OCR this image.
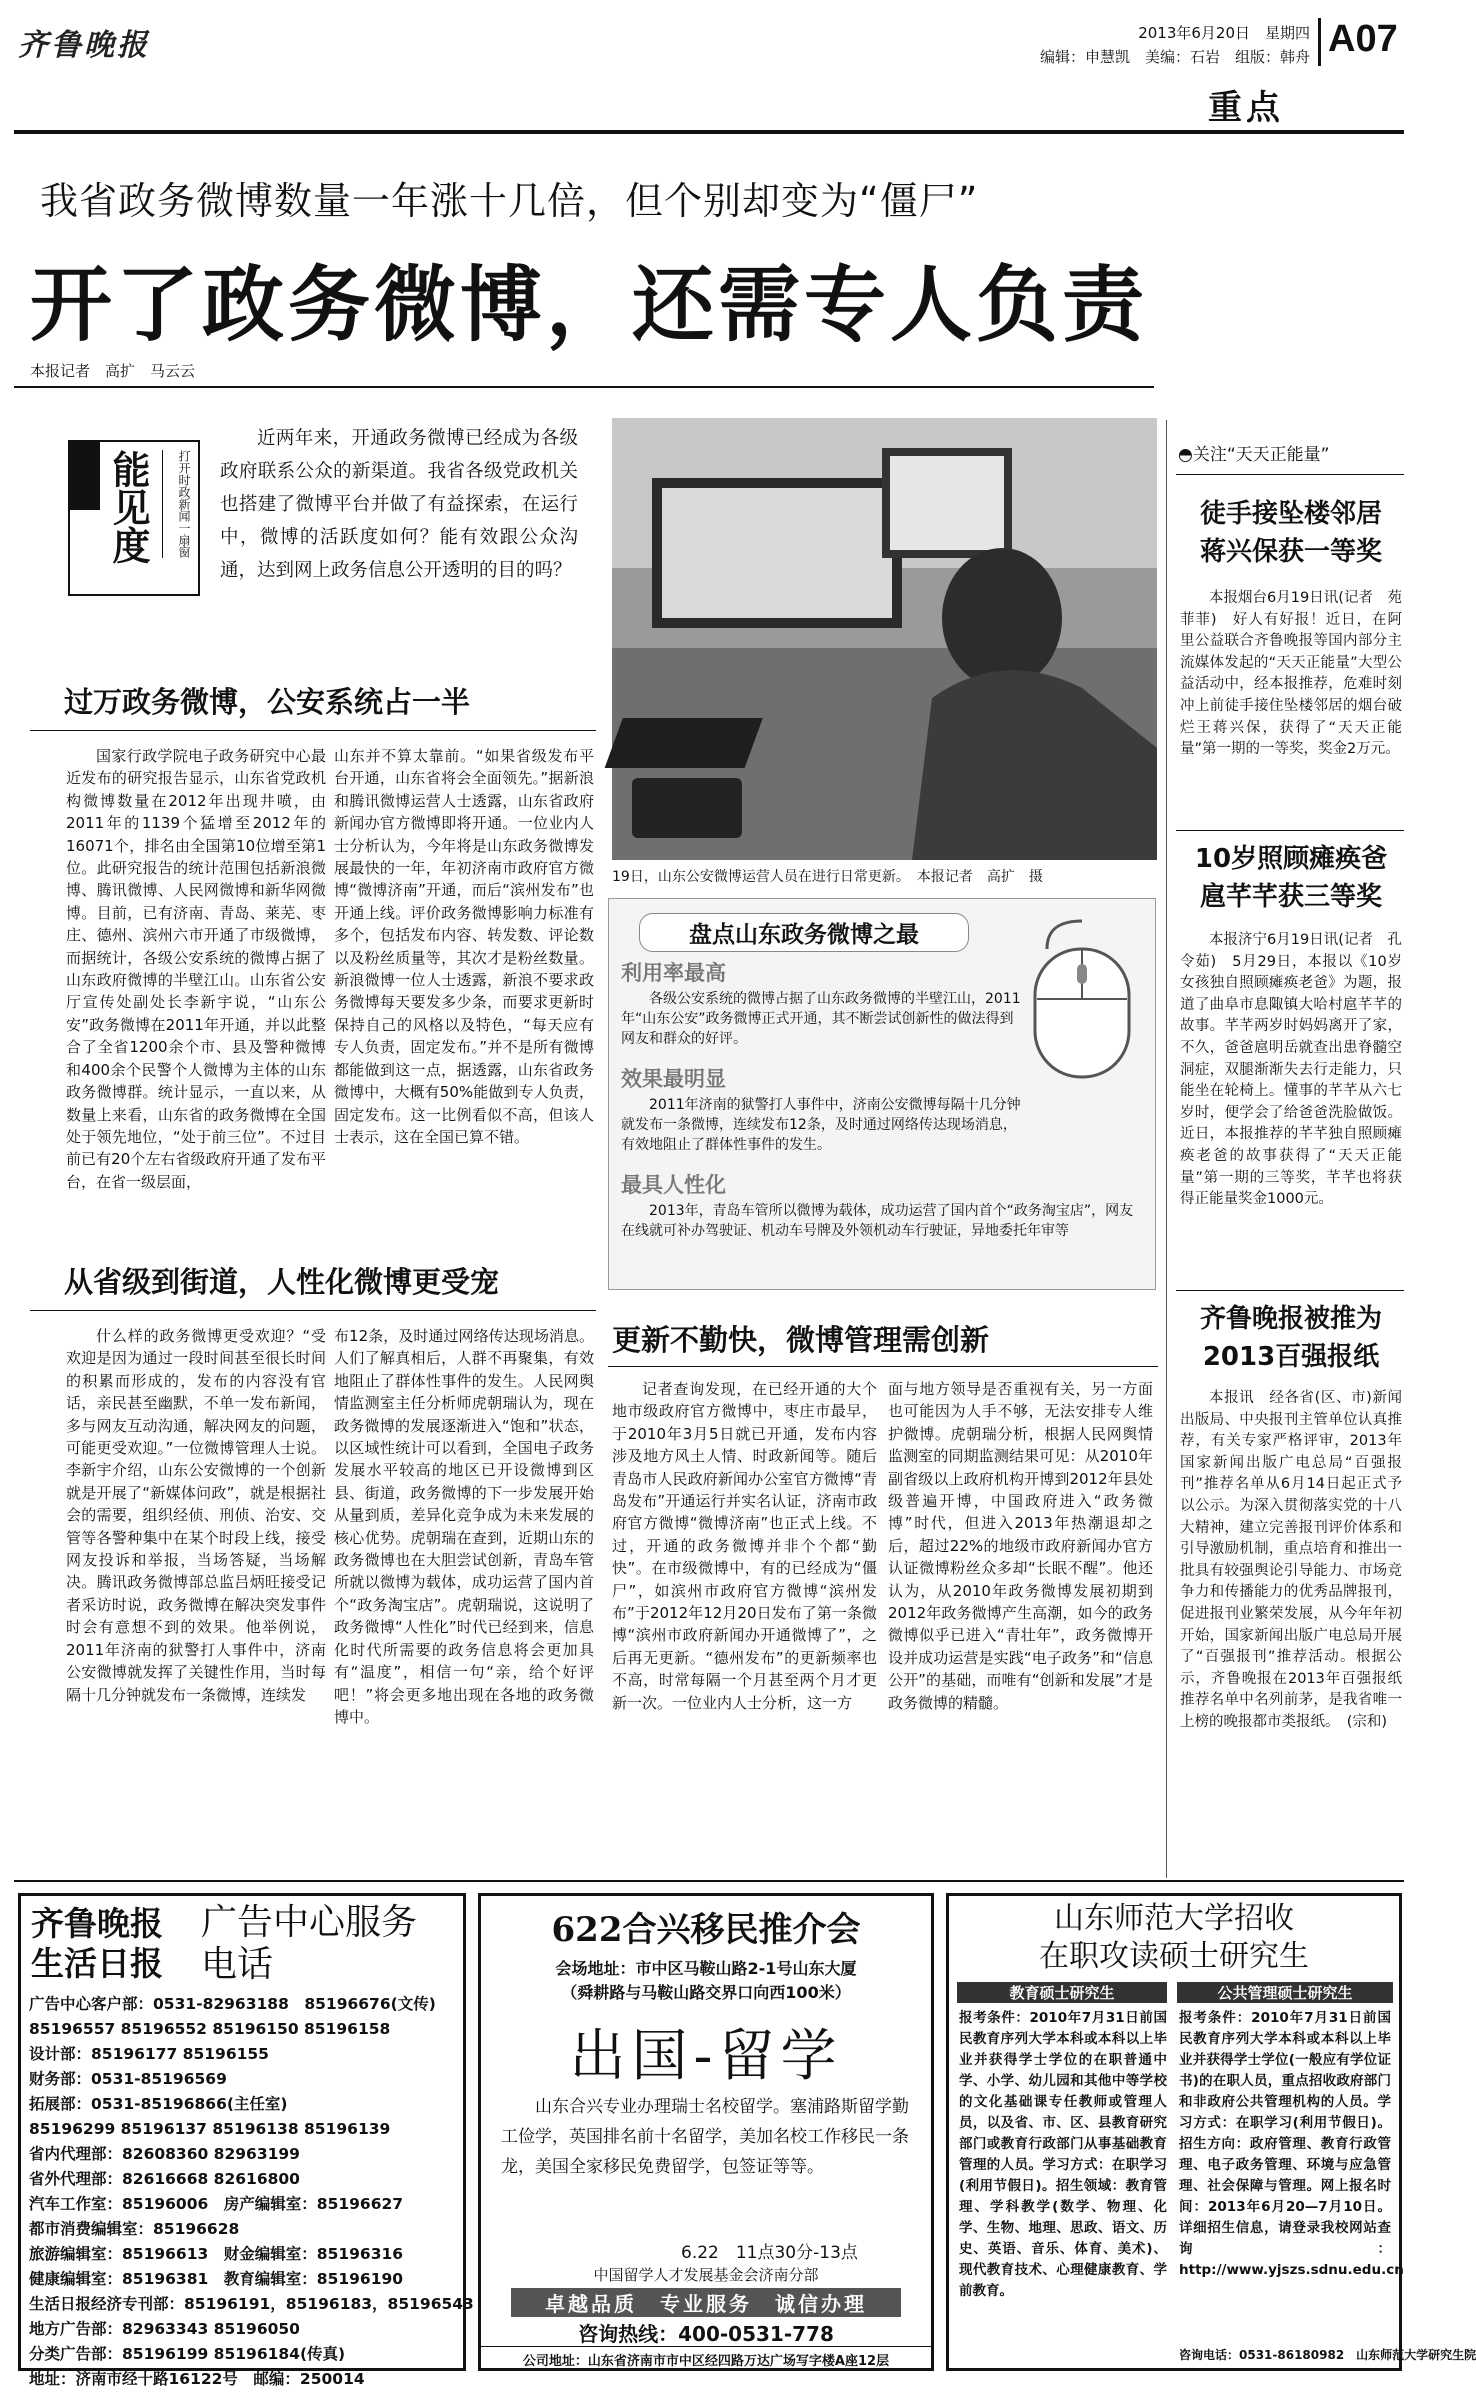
齐鲁晚报	2013年6月20日　星期四
编辑：申慧凯　美编：石岩　组版：韩舟 A07
重点
我省政务微博数量一年涨十几倍，但个别却变为“僵尸”
开了政务微博，还需专人负责
本报记者　高扩　马云云
能见度	打开时政新闻一扇窗
近两年来，开通政务微博已经成为各级政府联系公众的新渠道。我省各级党政机关也搭建了微博平台并做了有益探索，在运行中，微博的活跃度如何？能有效跟公众沟通，达到网上政务信息公开透明的目的吗？
过万政务微博，公安系统占一半

国家行政学院电子政务研究中心最近发布的研究报告显示，山东省党政机构微博数量在2012年出现井喷，由2011年的1139个猛增至2012年的16071个，排名由全国第10位增至第1位。此研究报告的统计范围包括新浪微博、腾讯微博、人民网微博和新华网微博。目前，已有济南、青岛、莱芜、枣庄、德州、滨州六市开通了市级微博，而据统计，各级公安系统的微博占据了山东政府微博的半壁江山。山东省公安厅宣传处副处长李新宇说，“山东公安”政务微博在2011年开通，并以此整合了全省1200余个市、县及警种微博和400余个民警个人微博为主体的山东政务微博群。统计显示，一直以来，从数量上来看，山东省的政务微博在全国处于领先地位，“处于前三位”。不过目前已有20个左右省级政府开通了发布平台，在省一级层面，

山东并不算太靠前。“如果省级发布平台开通，山东省将会全面领先。”据新浪和腾讯微博运营人士透露，山东省政府新闻办官方微博即将开通。一位业内人士分析认为，今年将是山东政务微博发展最快的一年，年初济南市政府官方微博“微博济南”开通，而后“滨州发布”也开通上线。评价政务微博影响力标准有多个，包括发布内容、转发数、评论数以及粉丝质量等，其次才是粉丝数量。新浪微博一位人士透露，新浪不要求政务微博每天要发多少条，而要求更新时保持自己的风格以及特色，“每天应有专人负责，固定发布。”并不是所有微博都能做到这一点，据透露，山东省政务微博中，大概有50%能做到专人负责，固定发布。这一比例看似不高，但该人士表示，这在全国已算不错。

从省级到街道，人性化微博更受宠

什么样的政务微博更受欢迎？“受欢迎是因为通过一段时间甚至很长时间的积累而形成的，发布的内容没有官话，亲民甚至幽默，不单一发布新闻，多与网友互动沟通，解决网友的问题，可能更受欢迎。”一位微博管理人士说。李新宇介绍，山东公安微博的一个创新就是开展了“新媒体问政”，就是根据社会的需要，组织经侦、刑侦、治安、交管等各警种集中在某个时段上线，接受网友投诉和举报，当场答疑，当场解决。腾讯政务微博部总监吕炳旺接受记者采访时说，政务微博在解决突发事件时会有意想不到的效果。他举例说，2011年济南的狱警打人事件中，济南公安微博就发挥了关键性作用，当时每隔十几分钟就发布一条微博，连续发

布12条，及时通过网络传达现场消息。人们了解真相后，人群不再聚集，有效地阻止了群体性事件的发生。人民网舆情监测室主任分析师虎朝瑞认为，现在政务微博的发展逐渐进入“饱和”状态，以区域性统计可以看到，全国电子政务发展水平较高的地区已开设微博到区县、街道，政务微博的下一步发展开始从量到质，差异化竞争成为未来发展的核心优势。虎朝瑞在查到，近期山东的政务微博也在大胆尝试创新，青岛车管所就以微博为载体，成功运营了国内首个“政务淘宝店”。虎朝瑞说，这说明了政务微博“人性化”时代已经到来，信息化时代所需要的政务信息将会更加具有“温度”，相信一句“亲，给个好评吧！”将会更多地出现在各地的政务微博中。

19日，山东公安微博运营人员在进行日常更新。　本报记者　高扩　摄
盘点山东政务微博之最
利用率最高
各级公安系统的微博占据了山东政务微博的半壁江山，2011年“山东公安”政务微博正式开通，其不断尝试创新性的做法得到网友和群众的好评。
效果最明显
2011年济南的狱警打人事件中，济南公安微博每隔十几分钟就发布一条微博，连续发布12条，及时通过网络传达现场消息，有效地阻止了群体性事件的发生。
最具人性化
2013年，青岛车管所以微博为载体，成功运营了国内首个“政务淘宝店”，网友在线就可补办驾驶证、机动车号牌及外领机动车行驶证，异地委托年审等
更新不勤快，微博管理需创新

记者查询发现，在已经开通的大个地市级政府官方微博中，枣庄市最早，于2010年3月5日就已开通，发布内容涉及地方风土人情、时政新闻等。随后青岛市人民政府新闻办公室官方微博“青岛发布”开通运行并实名认证，济南市政府官方微博“微博济南”也正式上线。不过，开通的政务微博并非个个都“勤快”。在市级微博中，有的已经成为“僵尸”，如滨州市政府官方微博“滨州发布”于2012年12月20日发布了第一条微博“滨州市政府新闻办开通微博了”，之后再无更新。“德州发布”的更新频率也不高，时常每隔一个月甚至两个月才更新一次。一位业内人士分析，这一方

面与地方领导是否重视有关，另一方面也可能因为人手不够，无法安排专人维护微博。虎朝瑞分析，根据人民网舆情监测室的同期监测结果可见：从2010年副省级以上政府机构开博到2012年县处级普遍开博，中国政府进入“政务微博”时代，但进入2013年热潮退却之后，超过22%的地级市政府新闻办官方认证微博粉丝众多却“长眠不醒”。他还认为，从2010年政务微博发展初期到2012年政务微博产生高潮，如今的政务微博似乎已进入“青壮年”，政务微博开设并成功运营是实践“电子政务”和“信息公开”的基础，而唯有“创新和发展”才是政务微博的精髓。

◓关注“天天正能量”
徒手接坠楼邻居 蒋兴保获一等奖

本报烟台6月19日讯(记者　苑菲菲)　好人有好报！近日，在阿里公益联合齐鲁晚报等国内部分主流媒体发起的“天天正能量”大型公益活动中，经本报推荐，危难时刻冲上前徒手接住坠楼邻居的烟台破烂王蒋兴保，获得了“天天正能量”第一期的一等奖，奖金2万元。

10岁照顾瘫痪爸 扈芊芊获三等奖

本报济宁6月19日讯(记者　孔令茹)　5月29日，本报以《10岁女孩独自照顾瘫痪老爸》为题，报道了曲阜市息陬镇大哈村扈芊芊的故事。芊芊两岁时妈妈离开了家，不久，爸爸扈明岳就查出患脊髓空洞症，双腿渐渐失去行走能力，只能坐在轮椅上。懂事的芊芊从六七岁时，便学会了给爸爸洗脸做饭。近日，本报推荐的芊芊独自照顾瘫痪老爸的故事获得了“天天正能量”第一期的三等奖，芊芊也将获得正能量奖金1000元。

齐鲁晚报被推为 2013百强报纸

本报讯　经各省(区、市)新闻出版局、中央报刊主管单位认真推荐，有关专家严格评审，2013年国家新闻出版广电总局“百强报刊”推荐名单从6月14日起正式予以公示。为深入贯彻落实党的十八大精神，建立完善报刊评价体系和引导激励机制，重点培育和推出一批具有较强舆论引导能力、市场竞争力和传播能力的优秀品牌报刊，促进报刊业繁荣发展，从今年年初开始，国家新闻出版广电总局开展了“百强报刊”推荐活动。根据公示，齐鲁晚报在2013年百强报纸推荐名单中名列前茅，是我省唯一上榜的晚报都市类报纸。　(宗和)

齐鲁晚报
生活日报
广告中心服务电话
广告中心客户部：0531-82963188　85196676(文传)
85196557 85196552 85196150 85196158
设计部：85196177 85196155
财务部：0531-85196569
拓展部：0531-85196866(主任室)
85196299 85196137 85196138 85196139
省内代理部：82608360 82963199
省外代理部：82616668 82616800
汽车工作室：85196006　房产编辑室：85196627
都市消费编辑室：85196628
旅游编辑室：85196613　财金编辑室：85196316
健康编辑室：85196381　教育编辑室：85196190
生活日报经济专刊部：85196191，85196183，85196543
地方广告部：82963343 85196050
分类广告部：85196199 85196184(传真)
地址：济南市经十路16122号　邮编：250014
622合兴移民推介会
会场地址：市中区马鞍山路2-1号山东大厦
（舜耕路与马鞍山路交界口向西100米）
出国-留学
山东合兴专业办理瑞士名校留学。塞浦路斯留学勤工俭学，英国排名前十名留学，美加名校工作移民一条龙，美国全家移民免费留学，包签证等等。
6.22　11点30分-13点
中国留学人才发展基金会济南分部
卓越品质　专业服务　诚信办理
咨询热线：400-0531-778
公司地址：山东省济南市市中区经四路万达广场写字楼A座12层
山东师范大学招收
在职攻读硕士研究生
教育硕士研究生	公共管理硕士研究生
报考条件：2010年7月31日前国民教育序列大学本科或本科以上毕业并获得学士学位的在职普通中学、小学、幼儿园和其他中等学校的文化基础课专任教师或管理人员，以及省、市、区、县教育研究部门或教育行政部门从事基础教育管理的人员。学习方式：在职学习(利用节假日)。招生领域：教育管理、学科教学(数学、物理、化学、生物、地理、思政、语文、历史、英语、音乐、体育、美术)、现代教育技术、心理健康教育、学前教育。
报考条件：2010年7月31日前国民教育序列大学本科或本科以上毕业并获得学士学位(一般应有学位证书)的在职人员，重点招收政府部门和非政府公共管理机构的人员。学习方式：在职学习(利用节假日)。招生方向：政府管理、教育行政管理、电子政务管理、环境与应急管理、社会保障与管理。网上报名时间：2013年6月20—7月10日。详细招生信息，请登录我校网站查询：http://www.yjszs.sdnu.edu.cn
咨询电话：0531-86180982　山东师范大学研究生院
